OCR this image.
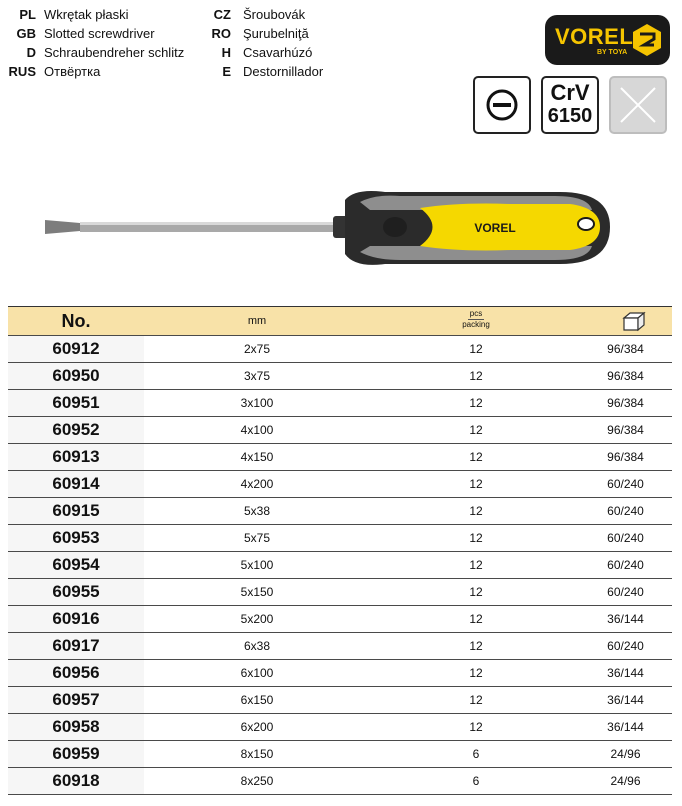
PL Wkrętak płaski
GB Slotted screwdriver
D Schraubendreher schlitz
RUS Отвёртка
CZ Šroubovák
RO Şurubelniţă
H Csavarhúzó
E Destornillador
VOREL
BY TOYA
CrV
6150
VOREL
No.	mm
pcs
packing
60912	2x75	12	96/384
60950	3x75	12	96/384
60951	3x100	12	96/384
60952	4x100	12	96/384
60913	4x150	12	96/384
60914	4x200	12	60/240
60915	5x38	12	60/240
60953	5x75	12	60/240
60954	5x100	12	60/240
60955	5x150	12	60/240
60916	5x200	12	36/144
60917	6x38	12	60/240
60956	6x100	12	36/144
60957	6x150	12	36/144
60958	6x200	12	36/144
60959	8x150	6	24/96
60918	8x250	6	24/96
